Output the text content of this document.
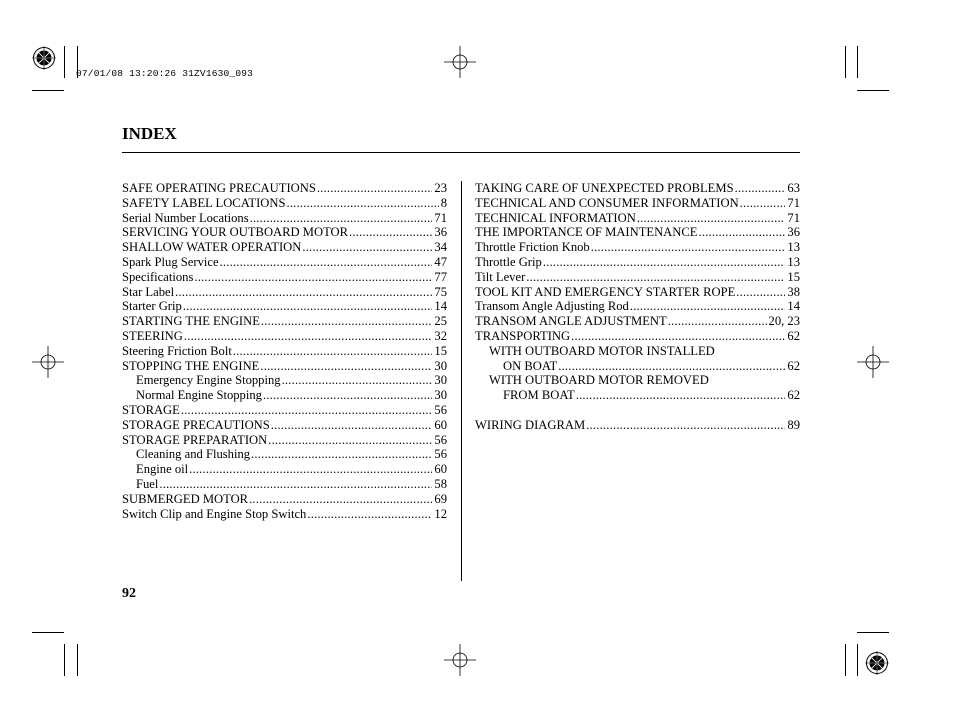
07/01/08 13:20:26 31ZV1630_093
INDEX
SAFE OPERATING PRECAUTIONS .....	23
SAFETY LABEL LOCATIONS .....	8
Serial Number Locations .....	71
SERVICING YOUR OUTBOARD MOTOR .....	36
SHALLOW WATER OPERATION .....	34
Spark Plug Service .....	47
Specifications .....	77
Star Label .....	75
Starter Grip .....	14
STARTING THE ENGINE .....	25
STEERING .....	32
Steering Friction Bolt .....	15
STOPPING THE ENGINE .....	30
Emergency Engine Stopping .....	30
Normal Engine Stopping .....	30
STORAGE .....	56
STORAGE PRECAUTIONS .....	60
STORAGE PREPARATION .....	56
Cleaning and Flushing .....	56
Engine oil .....	60
Fuel .....	58
SUBMERGED MOTOR .....	69
Switch Clip and Engine Stop Switch .....	12
TAKING CARE OF UNEXPECTED PROBLEMS .....	63
TECHNICAL AND CONSUMER INFORMATION .....	71
TECHNICAL INFORMATION .....	71
THE IMPORTANCE OF MAINTENANCE .....	36
Throttle Friction Knob .....	13
Throttle Grip .....	13
Tilt Lever .....	15
TOOL KIT AND EMERGENCY STARTER ROPE .....	38
Transom Angle Adjusting Rod .....	14
TRANSOM ANGLE ADJUSTMENT .....	20, 23
TRANSPORTING .....	62
WITH OUTBOARD MOTOR INSTALLED
ON BOAT .....	62
WITH OUTBOARD MOTOR REMOVED
FROM BOAT .....	62
WIRING DIAGRAM .....	89
92
